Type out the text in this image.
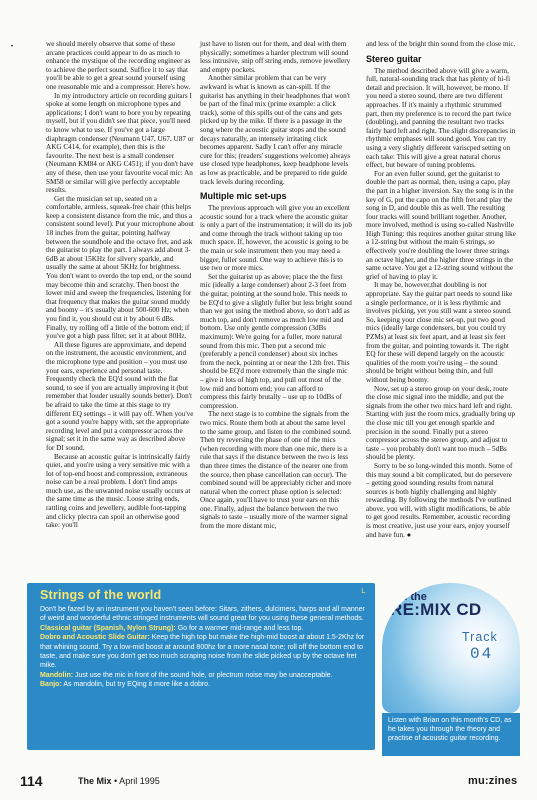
•	we should merely observe that some of these arcane practices could appear to do as much to enhance the mystique of the recording engineer as to achieve the perfect sound. Suffice it to say that you'll be able to get a great sound yourself using one reasonable mic and a compressor. Here's how.

In my introductory article on recording guitars I spoke at some length on microphone types and applications; I don't want to bore you by repeating myself, but if you didn't see that piece, you'll need to know what to use. If you've got a large diaphragm condenser (Neumann U47, U67, U87 or AKG C414, for example), then this is the favourite. The next best is a small condenser (Neumann KM84 or AKG C451); if you don't have any of these, then use your favourite vocal mic: An SM58 or similar will give perfectly acceptable results.

Get the musician set up, seated on a comfortable, armless, squeak-free chair (this helps keep a consistent distance from the mic, and thus a consistent sound level). Put your microphone about 18 inches from the guitar, pointing halfway between the soundhole and the octave fret, and ask the guitarist to play the part. I always add about 3-6dB at about 15KHz for silvery sparkle, and usually the same at about 5KHz for brightness. You don't want to overdo the top end, or the sound may become thin and scratchy. Then boost the lower mid and sweep the frequencies, listening for that frequency that makes the guitar sound muddy and boomy – it's usually about 500-600 Hz; when you find it, you should cut it by about 6 dBs. Finally, try rolling off a little of the bottom end; if you've got a high pass filter, set it at about 80Hz.

All these figures are approximate, and depend on the instrument, the acoustic environment, and the microphone type and position – you must use your ears, experience and personal taste. Frequently check the EQ'd sound with the flat sound, to see if you are actually improving it (but remember that louder usually sounds better). Don't be afraid to take the time at this stage to try different EQ settings – it will pay off. When you've got a sound you're happy with, set the appropriate recording level and put a compressor across the signal; set it in the same way as described above for DI sound.

Because an acoustic guitar is intrinsically fairly quiet, and you're using a very sensitive mic with a lot of top-end boost and compression, extraneous noise can be a real problem. I don't find amps much use, as the unwanted noise usually occurs at the same time as the music. Loose string ends, rattling coins and jewellery, audible foot-tapping and clicky plectra can spoil an otherwise good take: you'll

just have to listen out for them, and deal with them physically; sometimes a harder plectrum will sound less intrusive, snip off string ends, remove jewellery and empty pockets.

Another similar problem that can be very awkward is what is known as can-spill. If the guitarist has anything in their headphones that won't be part of the final mix (prime example: a click track), some of this spills out of the cans and gets picked up by the mike. If there is a passage in the song where the acoustic guitar stops and the sound decays naturally, an intensely irritating click becomes apparent. Sadly I can't offer any miracle cure for this; (readers' suggestions welcome) always use closed type headphones, keep headphone levels as low as practicable, and be prepared to ride guide track levels during recording.

Multiple mic set-ups

The previous approach will give you an excellent acoustic sound for a track where the acoustic guitar is only a part of the instrumentation; it will do its job and come through the track without taking up too much space. If, however, the acoustic is going to be the main or sole instrument then you may need a bigger, fuller sound. One way to achieve this is to use two or more mics.

Set the guitarist up as above; place the the first mic (ideally a large condenser) about 2-3 feet from the guitar, pointing at the sound hole. This needs to be EQ'd to give a slightly fuller but less bright sound than we got using the method above, so don't add as much top, and don't remove as much low mid and bottom. Use only gentle compression (3dBs maximum): We're going for a fuller, more natural sound from this mic. Then put a second mic (preferably a pencil condenser) about six inches from the neck, pointing at or near the 12th fret. This should be EQ'd more extremely than the single mic – give it lots of high top, and pull out most of the low mid and bottom end; you can afford to compress this fairly brutally – use up to 10dBs of compression.

The next stage is to combine the signals from the two mics. Route them both at about the same level to the same group, and listen to the combined sound. Then try reversing the phase of one of the mics (when recording with more than one mic, there is a rule that says if the distance between the two is less than three times the distance of the nearer one from the source, then phase cancellation can occur). The combined sound will be appreciably richer and more natural when the correct phase option is selected: Once again, you'll have to trust your ears on this one. Finally, adjust the balance between the two signals to taste – usually more of the warmer signal from the more distant mic,

and less of the bright thin sound from the close mic.

Stereo guitar

The method described above will give a warm, full, natural-sounding track that has plenty of hi-fi detail and precision. It will, however, be mono. If you need a stereo sound, there are two different approaches. If it's mainly a rhythmic strummed part, then my preference is to record the part twice (doubling), and panning the resultant two tracks fairly hard left and right. The slight discrepancies in rhythmic emphases will sound good. You can try using a very slightly different variscped setting on each take: This will give a great natural chorus effect, but beware of tuning problems.

For an even fuller sound, get the guitarist to double the part as normal, then, using a capo, play the part in a higher inversion. Say the song is in the key of G, put the capo on the fifth fret and play the song in D, and double this as well. The resulting four tracks will sound brilliant together. Another, more involved, method is using so-called Nashville High Tuning: this requires another guitar strung like a 12-string but without the main 6 strings, so effectively you're doubling the lower three strings an octave higher, and the higher three strings in the same octave. You get a 12-string sound without the grief of having to play it.

It may be, however,that doubling is not appropriate. Say the guitar part needs to sound like a single performance, or it is less rhythmic and involves picking, yet you still want a stereo sound. So, keeping your close mic set-up, put two good mics (ideally large condensers, but you could try PZMs) at least six feet apart, and at least six feet from the guitar, and pointing towards it. The right EQ for these will depend largely on the acoustic qualities of the room you're using – the sound should be bright without being thin, and full without being boomy.

Now, set up a stereo group on your desk, route the close mic signal into the middle, and put the signals from the other two mics hard left and right. Starting with just the room mics, gradually bring up the close mic till you get enough sparkle and precision in the sound. Finally put a stereo compressor across the stereo group, and adjust to taste – you probably don't want too much – 5dBs should be plenty.

Sorry to be so long-winded this month. Some of this may sound a bit complicated, but do persevere – getting good sounding results from natural sources is both highly challenging and highly rewarding. By following the methods I've outlined above, you will, with slight modifications, be able to get good results. Remember, acoustic recording is most creative, just use your ears, enjoy yourself and have fun. ●

Strings of the world	└

Don't be fazed by an instrument you haven't seen before: Sitars, zithers, dulcimers, harps and all manner of weird and wonderful ethnic stringed instruments will sound great for you using these general methods.

Classical guitar (Spanish, Nylon Strung): Go for a warmer mid-range and less top.

Dobro and Acoustic Slide Guitar: Keep the high top but make the high-mid boost at about 1.5-2Khz for that whining sound. Try a low-mid boost at around 800hz for a more nasal tone; roll off the bottom end to taste, and make sure you don't get too much scraping noise from the slide picked up by the octave fret mike.

Mandolin: Just use the mic in front of the sound hole, or plectrum noise may be unacceptable.

Banjo: As mandolin, but try EQing it more like a dobro.

On the
RE:MIX CD
Track
04
Listen with Brian on this month's CD, as he takes you through the theory and practise of acoustic guitar recording.
114	The Mix • April 1995	mu:zines
